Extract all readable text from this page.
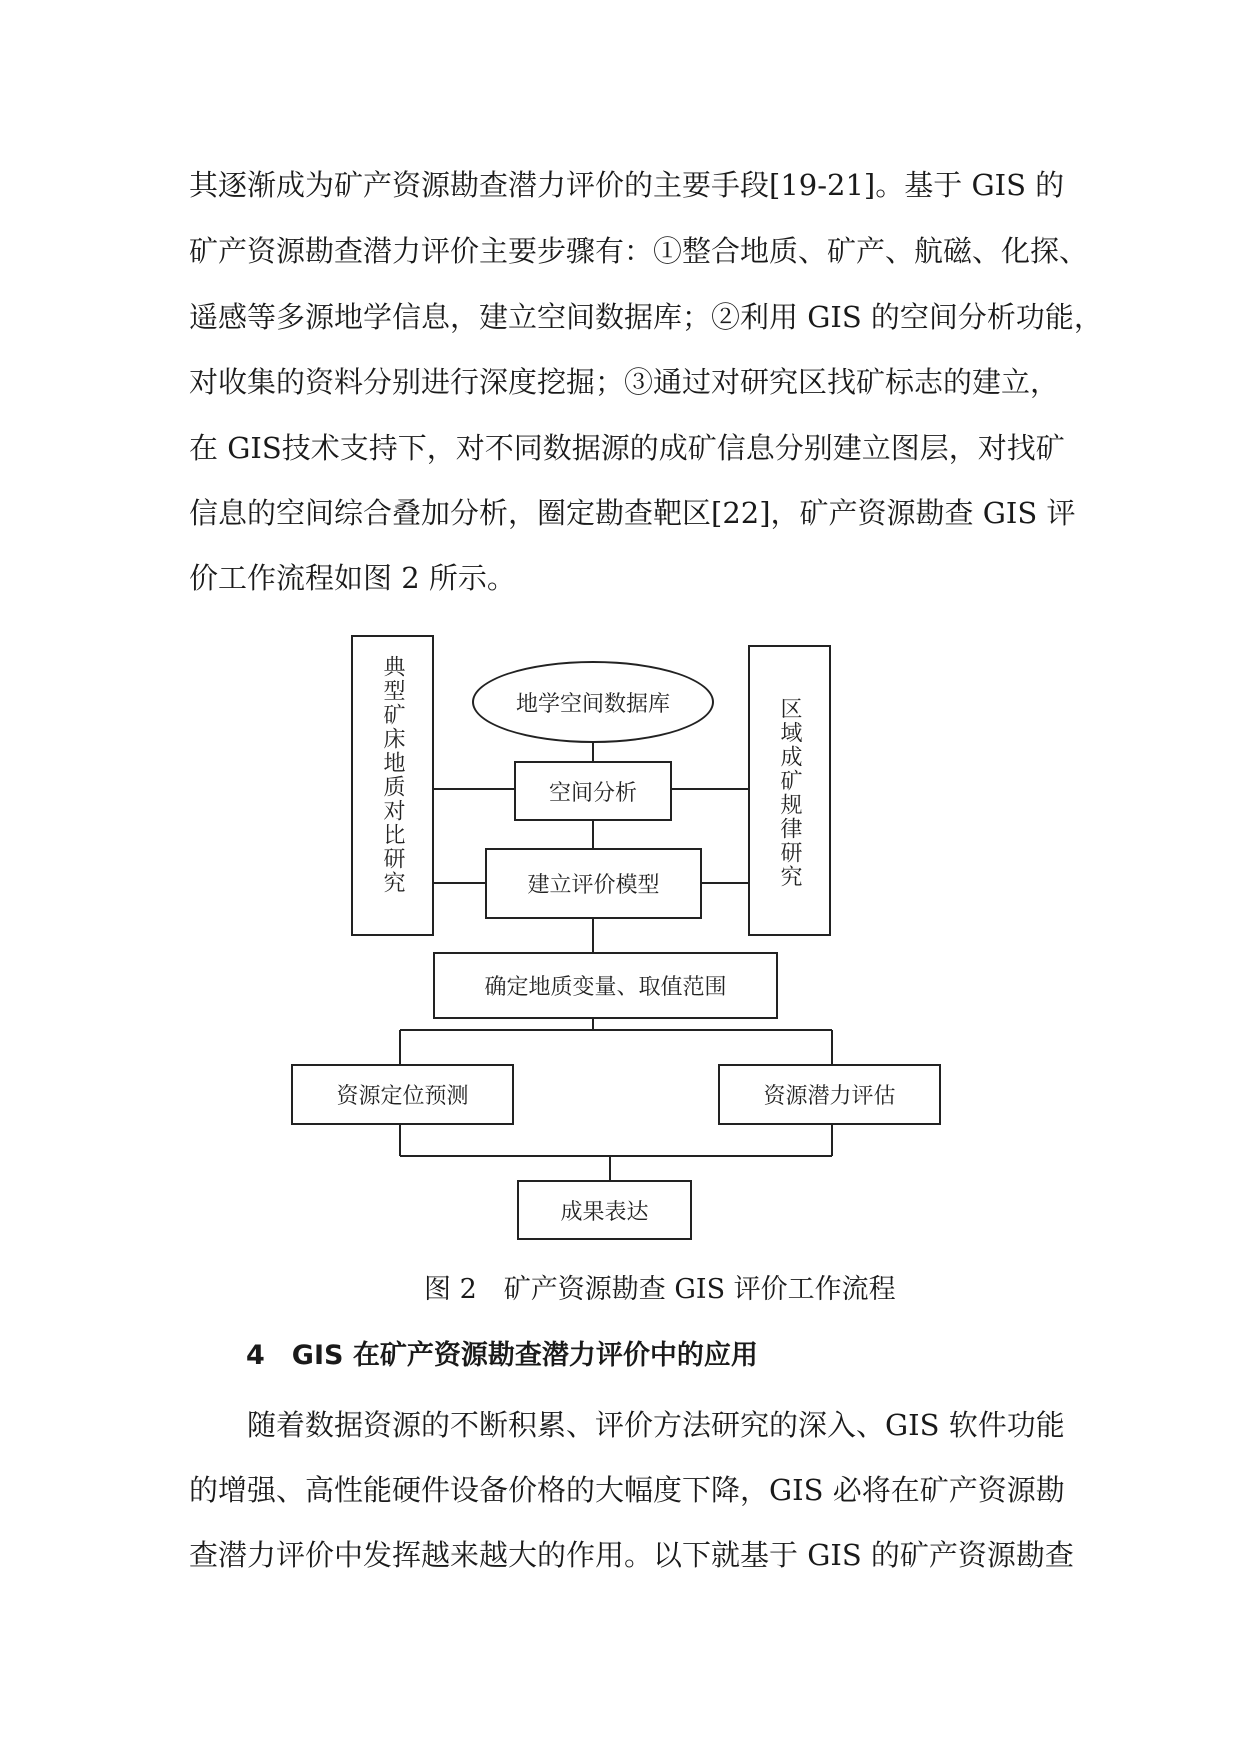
其逐渐成为矿产资源勘查潜力评价的主要手段[19-21]。基于 GIS 的
矿产资源勘查潜力评价主要步骤有：①整合地质、矿产、航磁、化探、
遥感等多源地学信息，建立空间数据库；②利用 GIS 的空间分析功能，
对收集的资料分别进行深度挖掘；③通过对研究区找矿标志的建立，
在 GIS技术支持下，对不同数据源的成矿信息分别建立图层，对找矿
信息的空间综合叠加分析，圈定勘查靶区[22]，矿产资源勘查 GIS 评
价工作流程如图 2 所示。
典型矿床地质对比研究	区域成矿规律研究
地学空间数据库
空间分析
建立评价模型
确定地质变量、取值范围
资源定位预测	资源潜力评估
成果表达
图 2　矿产资源勘查 GIS 评价工作流程
4　GIS 在矿产资源勘查潜力评价中的应用
　　随着数据资源的不断积累、评价方法研究的深入、GIS 软件功能
的增强、高性能硬件设备价格的大幅度下降，GIS 必将在矿产资源勘
查潜力评价中发挥越来越大的作用。以下就基于 GIS 的矿产资源勘查
